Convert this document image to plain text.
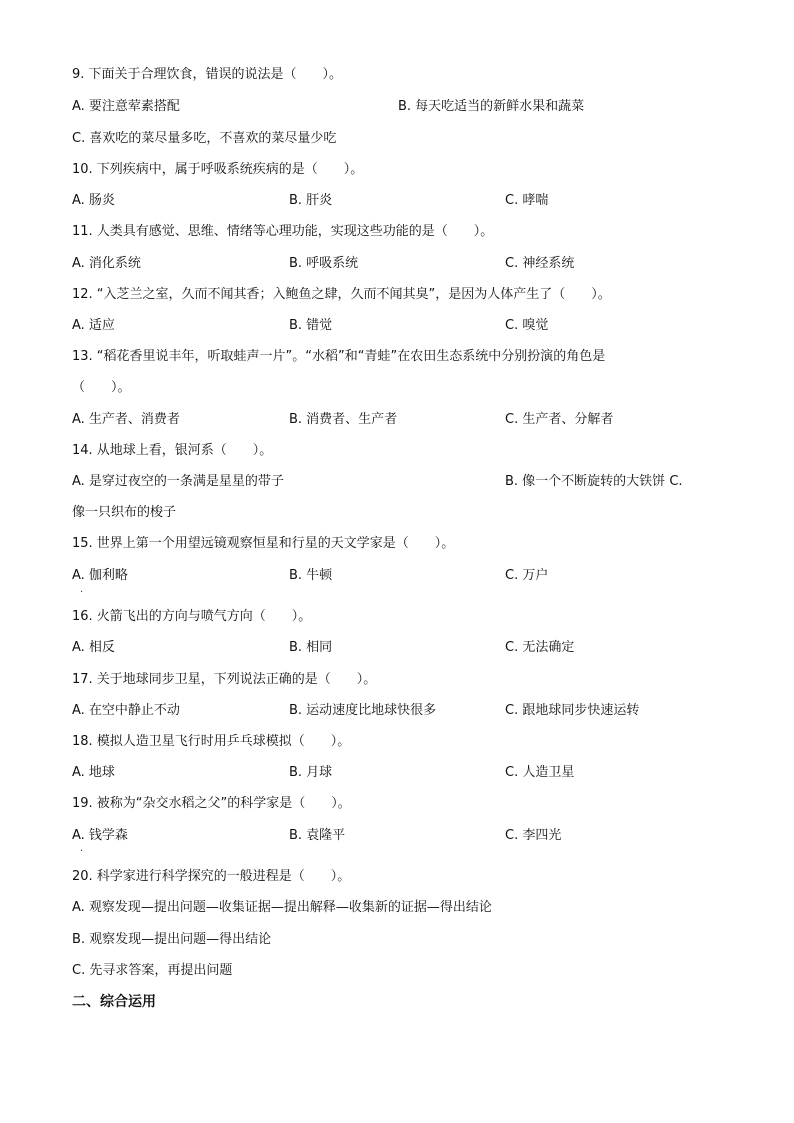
9. 下面关于合理饮食，错误的说法是（　　）。
A. 要注意荤素搭配	B. 每天吃适当的新鲜水果和蔬菜
C. 喜欢吃的菜尽量多吃，不喜欢的菜尽量少吃
10. 下列疾病中，属于呼吸系统疾病的是（　　）。
A. 肠炎	B. 肝炎	C. 哮喘
11. 人类具有感觉、思维、情绪等心理功能，实现这些功能的是（　　）。
A. 消化系统	B. 呼吸系统	C. 神经系统
12. “入芝兰之室，久而不闻其香；入鲍鱼之肆，久而不闻其臭”，是因为人体产生了（　　）。
A. 适应	B. 错觉	C. 嗅觉
13. “稻花香里说丰年，听取蛙声一片”。“水稻”和“青蛙”在农田生态系统中分别扮演的角色是
（　　）。
A. 生产者、消费者	B. 消费者、生产者	C. 生产者、分解者
14. 从地球上看，银河系（　　）。
A. 是穿过夜空的一条满是星星的带子	B. 像一个不断旋转的大铁饼 C.
像一只织布的梭子
15. 世界上第一个用望远镜观察恒星和行星的天文学家是（　　）。
A. 伽利略	B. 牛顿	C. 万户
·
16. 火箭飞出的方向与喷气方向（　　）。
A. 相反	B. 相同	C. 无法确定
17. 关于地球同步卫星，下列说法正确的是（　　）。
A. 在空中静止不动	B. 运动速度比地球快很多	C. 跟地球同步快速运转
18. 模拟人造卫星飞行时用乒乓球模拟（　　）。
A. 地球	B. 月球	C. 人造卫星
19. 被称为“杂交水稻之父”的科学家是（　　）。
A. 钱学森	B. 袁隆平	C. 李四光
·
20. 科学家进行科学探究的一般进程是（　　）。
A. 观察发现—提出问题—收集证据—提出解释—收集新的证据—得出结论
B. 观察发现—提出问题—得出结论
C. 先寻求答案，再提出问题
二、综合运用
